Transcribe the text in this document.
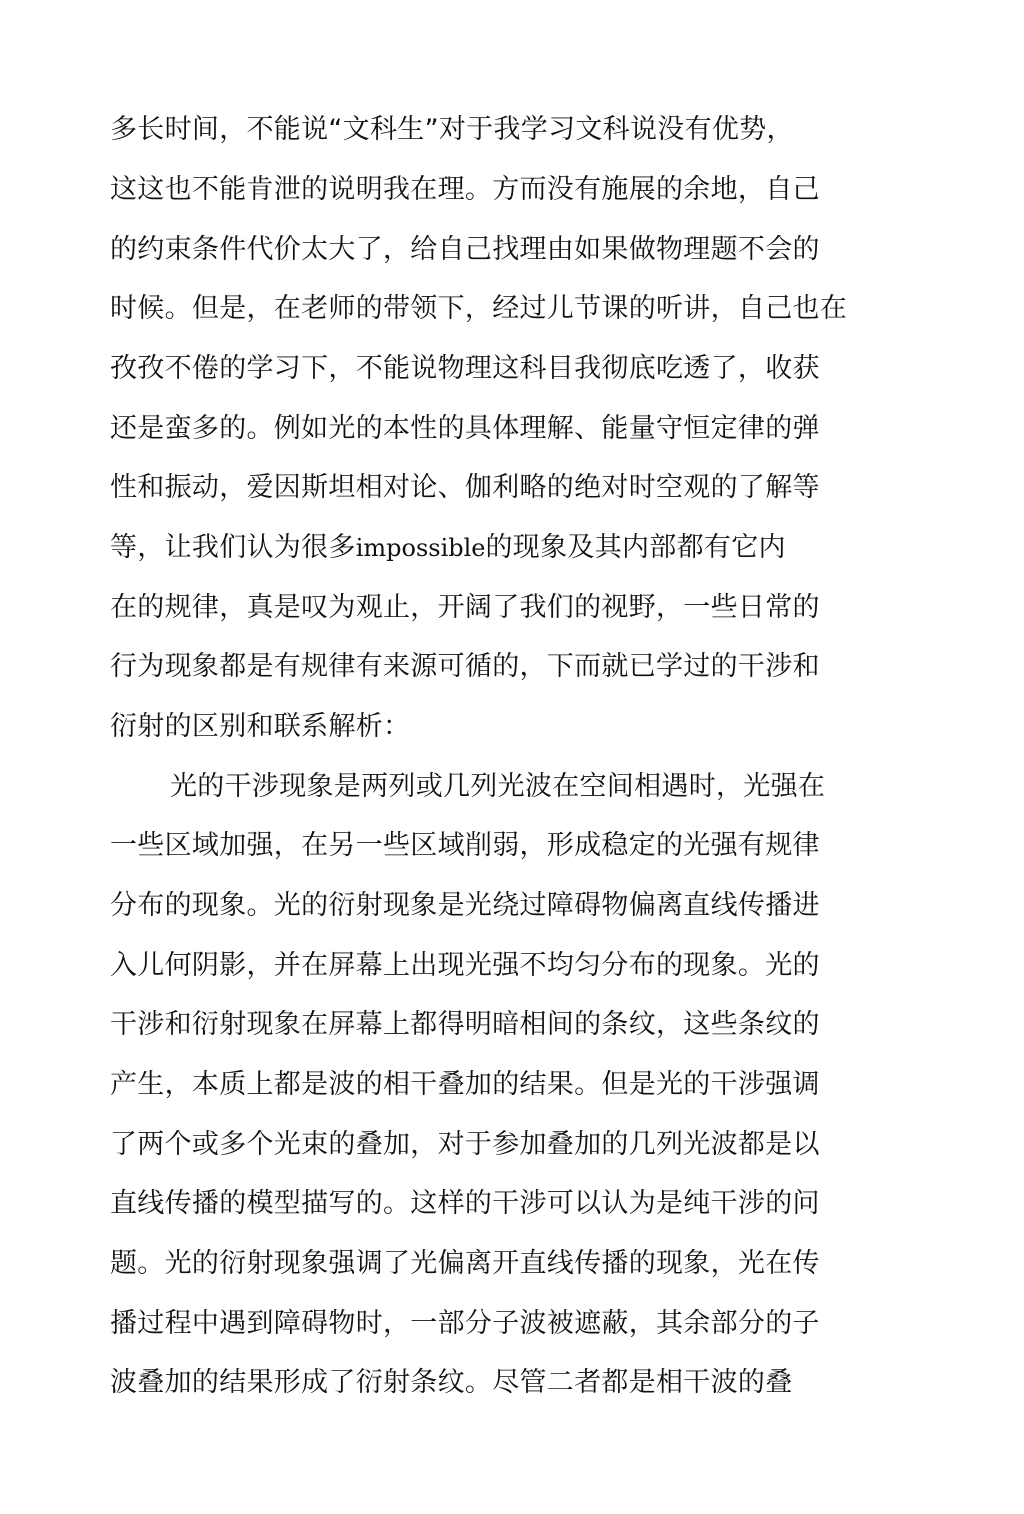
多长时间，不能说“文科生”对于我学习文科说没有优势，
这这也不能肯泄的说明我在理。方而没有施展的余地，自己
的约束条件代价太大了，给自己找理由如果做物理题不会的
时候。但是，在老师的带领下，经过儿节课的听讲，自己也在
孜孜不倦的学习下，不能说物理这科目我彻底吃透了，收获
还是蛮多的。例如光的本性的具体理解、能量守恒定律的弹
性和振动，爱因斯坦相对论、伽利略的绝对时空观的了解等
等，让我们认为很多impossible的现象及其内部都有它内
在的规律，真是叹为观止，开阔了我们的视野，一些日常的
行为现象都是有规律有来源可循的，下而就已学过的干涉和
衍射的区别和联系解析：
光的干涉现象是两列或几列光波在空间相遇时，光强在
一些区域加强，在另一些区域削弱，形成稳定的光强有规律
分布的现象。光的衍射现象是光绕过障碍物偏离直线传播进
入儿何阴影，并在屏幕上出现光强不均匀分布的现象。光的
干涉和衍射现象在屏幕上都得明暗相间的条纹，这些条纹的
产生，本质上都是波的相干叠加的结果。但是光的干涉强调
了两个或多个光束的叠加，对于参加叠加的几列光波都是以
直线传播的模型描写的。这样的干涉可以认为是纯干涉的问
题。光的衍射现象强调了光偏离开直线传播的现象，光在传
播过程中遇到障碍物时，一部分子波被遮蔽，其余部分的子
波叠加的结果形成了衍射条纹。尽管二者都是相干波的叠
